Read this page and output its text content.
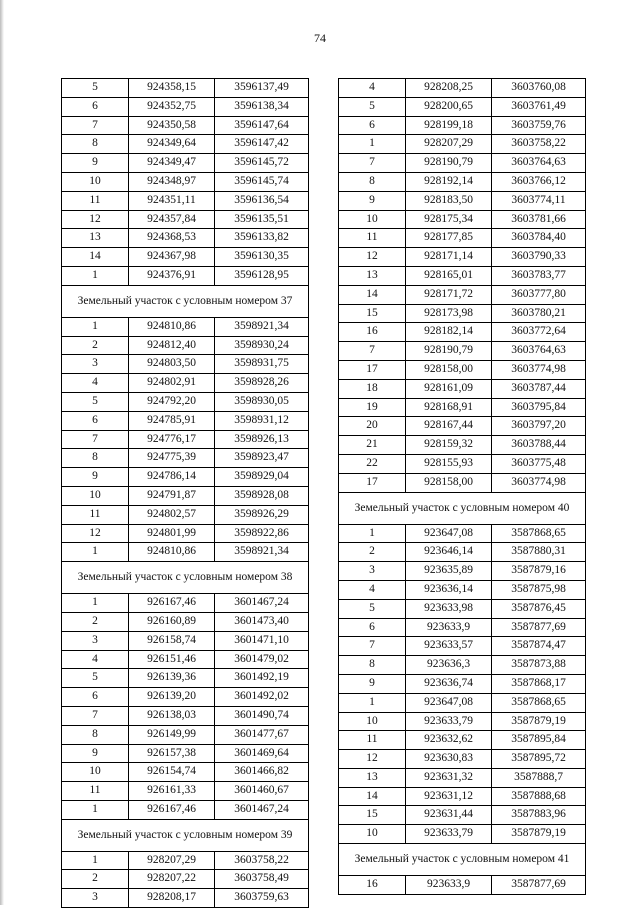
74
5	924358,15	3596137,49
6	924352,75	3596138,34
7	924350,58	3596147,64
8	924349,64	3596147,42
9	924349,47	3596145,72
10	924348,97	3596145,74
11	924351,11	3596136,54
12	924357,84	3596135,51
13	924368,53	3596133,82
14	924367,98	3596130,35
1	924376,91	3596128,95
Земельный участок с условным номером 37		
1	924810,86	3598921,34
2	924812,40	3598930,24
3	924803,50	3598931,75
4	924802,91	3598928,26
5	924792,20	3598930,05
6	924785,91	3598931,12
7	924776,17	3598926,13
8	924775,39	3598923,47
9	924786,14	3598929,04
10	924791,87	3598928,08
11	924802,57	3598926,29
12	924801,99	3598922,86
1	924810,86	3598921,34
Земельный участок с условным номером 38		
1	926167,46	3601467,24
2	926160,89	3601473,40
3	926158,74	3601471,10
4	926151,46	3601479,02
5	926139,36	3601492,19
6	926139,20	3601492,02
7	926138,03	3601490,74
8	926149,99	3601477,67
9	926157,38	3601469,64
10	926154,74	3601466,82
11	926161,33	3601460,67
1	926167,46	3601467,24
Земельный участок с условным номером 39		
1	928207,29	3603758,22
2	928207,22	3603758,49
3	928208,17	3603759,63
4	928208,25	3603760,08
5	928200,65	3603761,49
6	928199,18	3603759,76
1	928207,29	3603758,22
7	928190,79	3603764,63
8	928192,14	3603766,12
9	928183,50	3603774,11
10	928175,34	3603781,66
11	928177,85	3603784,40
12	928171,14	3603790,33
13	928165,01	3603783,77
14	928171,72	3603777,80
15	928173,98	3603780,21
16	928182,14	3603772,64
7	928190,79	3603764,63
17	928158,00	3603774,98
18	928161,09	3603787,44
19	928168,91	3603795,84
20	928167,44	3603797,20
21	928159,32	3603788,44
22	928155,93	3603775,48
17	928158,00	3603774,98
Земельный участок с условным номером 40		
1	923647,08	3587868,65
2	923646,14	3587880,31
3	923635,89	3587879,16
4	923636,14	3587875,98
5	923633,98	3587876,45
6	923633,9	3587877,69
7	923633,57	3587874,47
8	923636,3	3587873,88
9	923636,74	3587868,17
1	923647,08	3587868,65
10	923633,79	3587879,19
11	923632,62	3587895,84
12	923630,83	3587895,72
13	923631,32	3587888,7
14	923631,12	3587888,68
15	923631,44	3587883,96
10	923633,79	3587879,19
Земельный участок с условным номером 41		
16	923633,9	3587877,69
